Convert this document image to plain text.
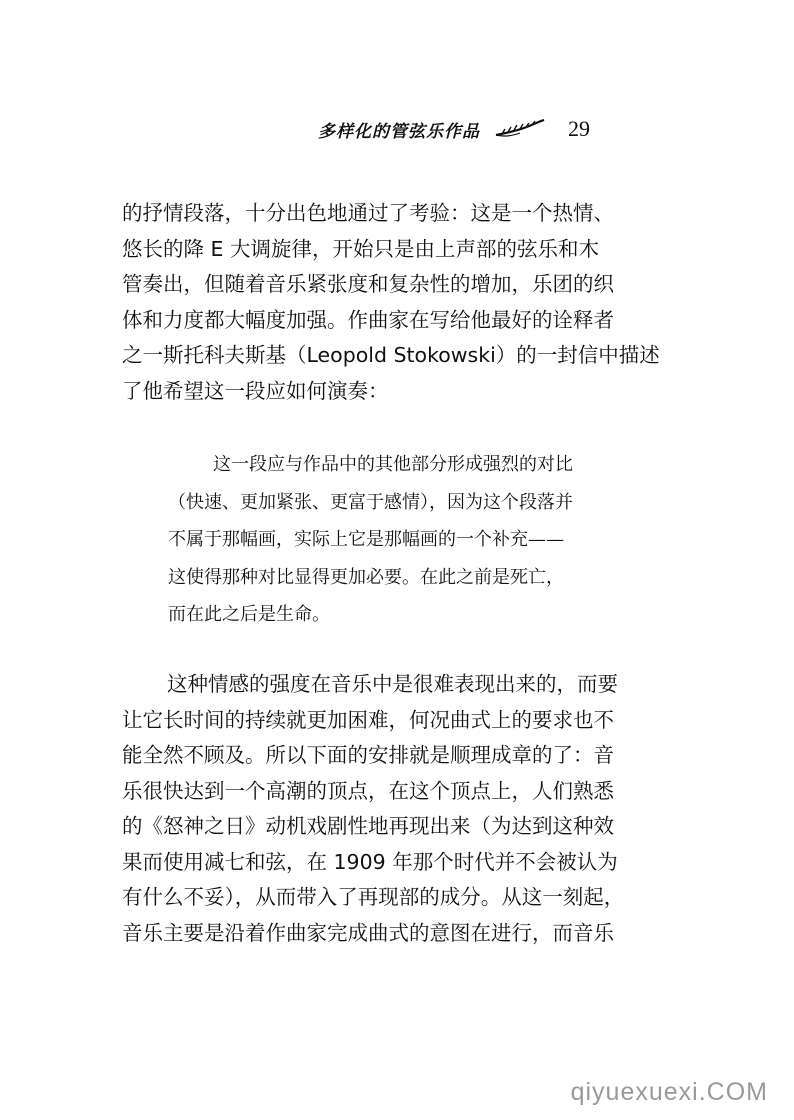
多样化的管弦乐作品	29
的抒情段落，十分出色地通过了考验：这是一个热情、
悠长的降 E 大调旋律，开始只是由上声部的弦乐和木
管奏出，但随着音乐紧张度和复杂性的增加，乐团的织
体和力度都大幅度加强。作曲家在写给他最好的诠释者
之一斯托科夫斯基（Leopold Stokowski）的一封信中描述
了他希望这一段应如何演奏：
这一段应与作品中的其他部分形成强烈的对比
（快速、更加紧张、更富于感情），因为这个段落并
不属于那幅画，实际上它是那幅画的一个补充——
这使得那种对比显得更加必要。在此之前是死亡，
而在此之后是生命。
这种情感的强度在音乐中是很难表现出来的，而要
让它长时间的持续就更加困难，何况曲式上的要求也不
能全然不顾及。所以下面的安排就是顺理成章的了：音
乐很快达到一个高潮的顶点，在这个顶点上，人们熟悉
的《怒神之日》动机戏剧性地再现出来（为达到这种效
果而使用减七和弦，在 1909 年那个时代并不会被认为
有什么不妥），从而带入了再现部的成分。从这一刻起，
音乐主要是沿着作曲家完成曲式的意图在进行，而音乐
qiyuexuexi.COM
